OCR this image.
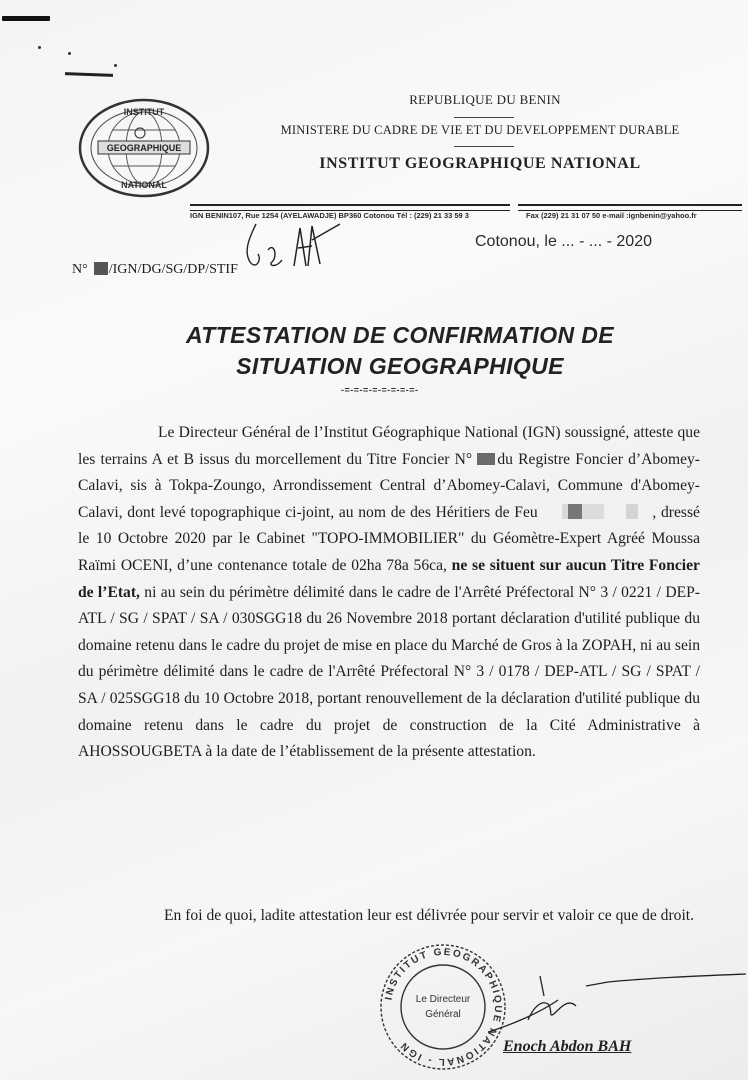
GEOGRAPHIQUE
INSTITUT
NATIONAL
REPUBLIQUE DU BENIN
MINISTERE DU CADRE DE VIE ET DU DEVELOPPEMENT DURABLE
INSTITUT GEOGRAPHIQUE NATIONAL
IGN BENIN107, Rue 1254 (AYELAWADJE) BP360 Cotonou Tél : (229) 21 33 59 3	Fax (229) 21 31 07 50 e-mail :ignbenin@yahoo.fr
Cotonou, le ... - ... - 2020
N° /IGN/DG/SG/DP/STIF
ATTESTATION DE CONFIRMATION DE
SITUATION GEOGRAPHIQUE
-=-=-=-=-=-=-=-=-
Le Directeur Général de l’Institut Géographique National (IGN) soussigné, atteste que les terrains A et B issus du morcellement du Titre Foncier N° du Registre Foncier d’Abomey-Calavi, sis à Tokpa-Zoungo, Arrondissement Central d’Abomey-Calavi, Commune d'Abomey-Calavi, dont levé topographique ci-joint, au nom de des Héritiers de Feu	, dressé le 10 Octobre 2020 par le Cabinet "TOPO-IMMOBILIER" du Géomètre-Expert Agréé Moussa Raïmi OCENI, d’une contenance totale de 02ha 78a 56ca, ne se situent sur aucun Titre Foncier de l’Etat, ni au sein du périmètre délimité dans le cadre de l'Arrêté Préfectoral N° 3 / 0221 / DEP-ATL / SG / SPAT / SA / 030SGG18 du 26 Novembre 2018 portant déclaration d'utilité publique du domaine retenu dans le cadre du projet de mise en place du Marché de Gros à la ZOPAH, ni au sein du périmètre délimité dans le cadre de l'Arrêté Préfectoral N° 3 / 0178 / DEP-ATL / SG / SPAT / SA / 025SGG18 du 10 Octobre 2018, portant renouvellement de la déclaration d'utilité publique du domaine retenu dans le cadre du projet de construction de la Cité Administrative à AHOSSOUGBETA à la date de l’établissement de la présente attestation.
En foi de quoi, ladite attestation leur est délivrée pour servir et valoir ce que de droit.
INSTITUT GEOGRAPHIQUE NATIONAL - IGN
Le Directeur
Général
Enoch Abdon BAH
